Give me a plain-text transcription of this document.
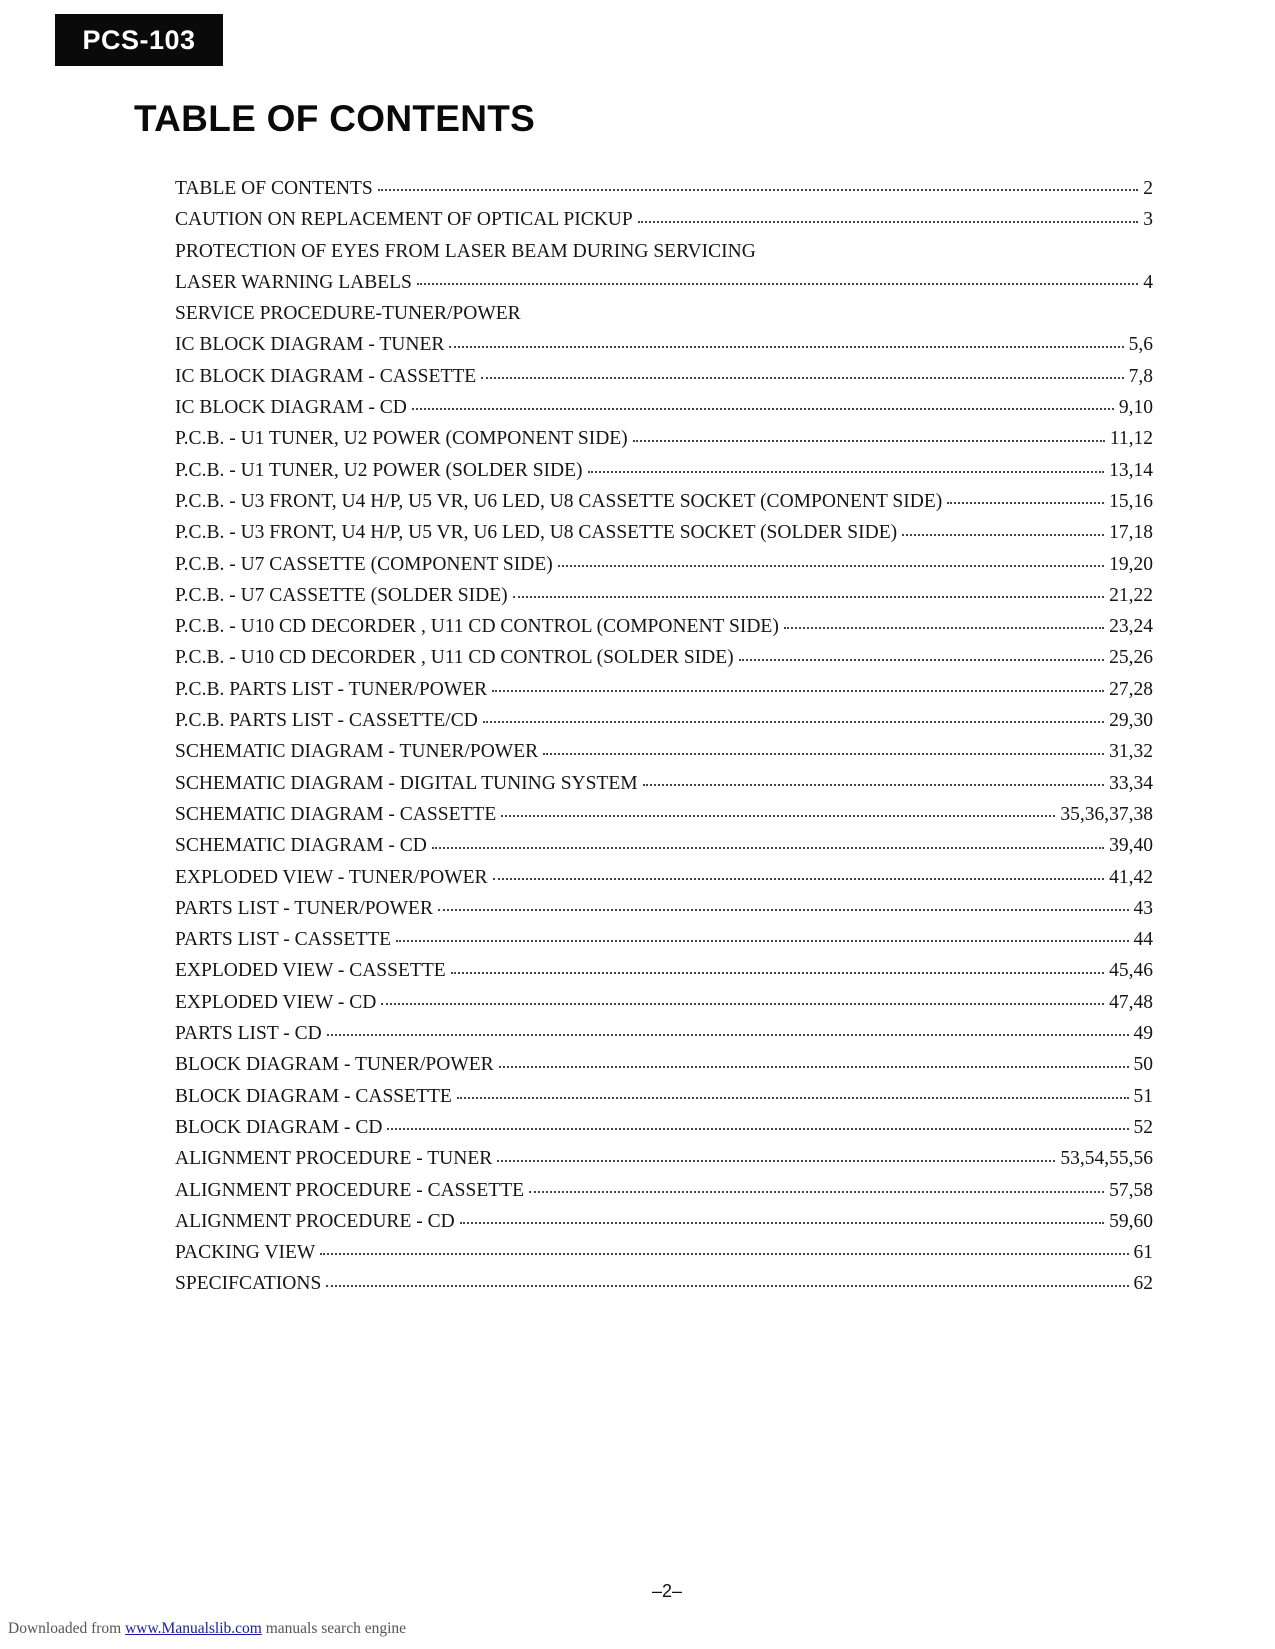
PCS-103
TABLE OF CONTENTS
TABLE OF CONTENTS	2
CAUTION ON REPLACEMENT OF OPTICAL PICKUP	3
PROTECTION OF EYES FROM LASER BEAM DURING SERVICING
LASER WARNING LABELS	4
SERVICE PROCEDURE-TUNER/POWER
IC BLOCK DIAGRAM - TUNER	5,6
IC BLOCK DIAGRAM - CASSETTE	7,8
IC BLOCK DIAGRAM - CD	9,10
P.C.B. - U1 TUNER, U2 POWER (COMPONENT SIDE)	11,12
P.C.B. - U1 TUNER, U2 POWER (SOLDER SIDE)	13,14
P.C.B. - U3 FRONT, U4 H/P, U5 VR, U6 LED, U8 CASSETTE SOCKET (COMPONENT SIDE)	15,16
P.C.B. - U3 FRONT, U4 H/P, U5 VR, U6 LED, U8 CASSETTE SOCKET (SOLDER SIDE)	17,18
P.C.B. - U7 CASSETTE (COMPONENT SIDE)	19,20
P.C.B. - U7 CASSETTE (SOLDER SIDE)	21,22
P.C.B. - U10 CD DECORDER , U11 CD CONTROL (COMPONENT SIDE)	23,24
P.C.B. - U10 CD DECORDER , U11 CD CONTROL (SOLDER SIDE)	25,26
P.C.B. PARTS LIST - TUNER/POWER	27,28
P.C.B. PARTS LIST - CASSETTE/CD	29,30
SCHEMATIC DIAGRAM - TUNER/POWER	31,32
SCHEMATIC DIAGRAM - DIGITAL TUNING SYSTEM	33,34
SCHEMATIC DIAGRAM - CASSETTE	35,36,37,38
SCHEMATIC DIAGRAM - CD	39,40
EXPLODED VIEW - TUNER/POWER	41,42
PARTS LIST - TUNER/POWER	43
PARTS LIST - CASSETTE	44
EXPLODED VIEW - CASSETTE	45,46
EXPLODED VIEW - CD	47,48
PARTS LIST - CD	49
BLOCK DIAGRAM - TUNER/POWER	50
BLOCK DIAGRAM - CASSETTE	51
BLOCK DIAGRAM - CD	52
ALIGNMENT PROCEDURE - TUNER	53,54,55,56
ALIGNMENT PROCEDURE - CASSETTE	57,58
ALIGNMENT PROCEDURE - CD	59,60
PACKING VIEW	61
SPECIFCATIONS	62
–2–
Downloaded from www.Manualslib.com manuals search engine
